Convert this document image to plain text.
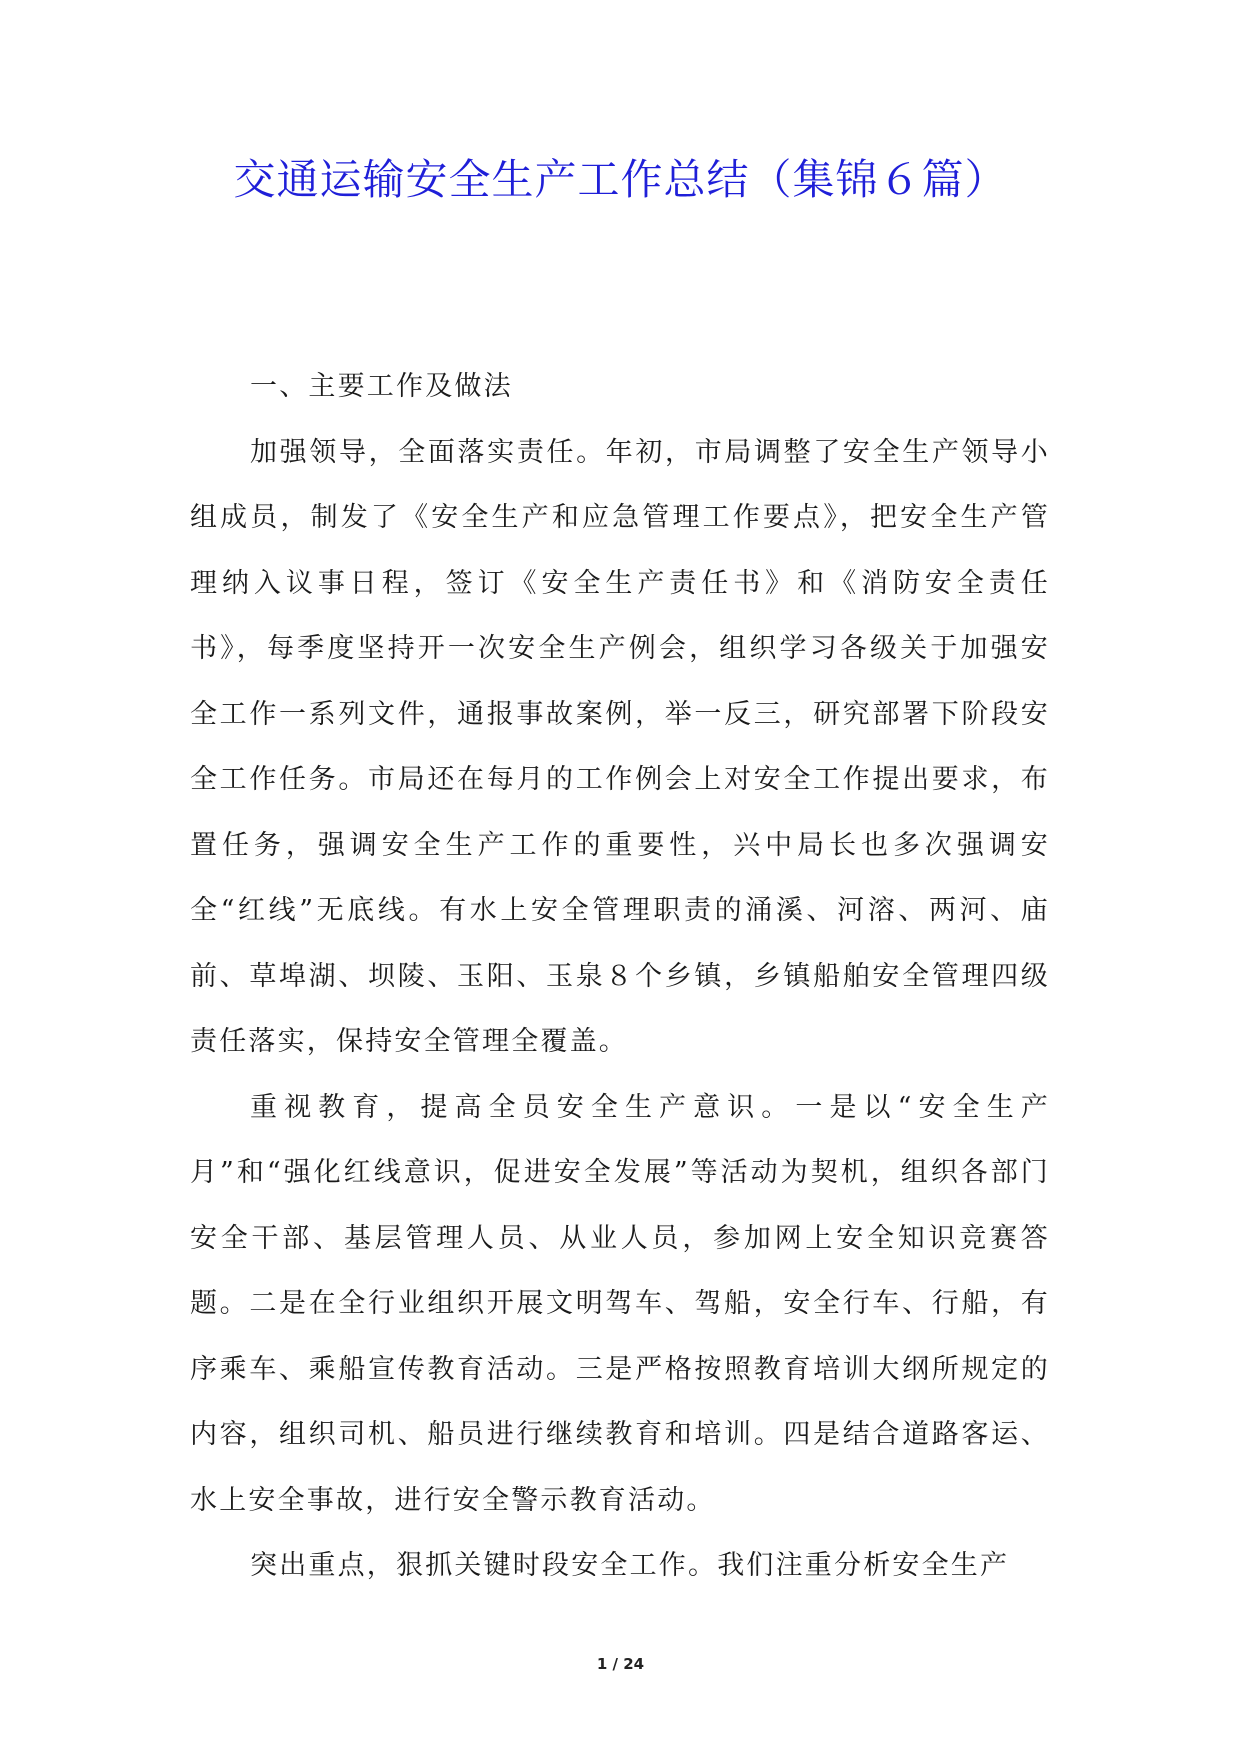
交通运输安全生产工作总结（集锦６篇）

一、主要工作及做法

加强领导，全面落实责任。年初，市局调整了安全生产领导小组成员，制发了《安全生产和应急管理工作要点》，把安全生产管理纳入议事日程，签订《安全生产责任书》和《消防安全责任书》，每季度坚持开一次安全生产例会，组织学习各级关于加强安全工作一系列文件，通报事故案例，举一反三，研究部署下阶段安全工作任务。市局还在每月的工作例会上对安全工作提出要求，布置任务，强调安全生产工作的重要性，兴中局长也多次强调安全“红线”无底线。有水上安全管理职责的涌溪、河溶、两河、庙前、草埠湖、坝陵、玉阳、玉泉８个乡镇，乡镇船舶安全管理四级责任落实，保持安全管理全覆盖。

重视教育，提高全员安全生产意识。一是以“安全生产月”和“强化红线意识，促进安全发展”等活动为契机，组织各部门安全干部、基层管理人员、从业人员，参加网上安全知识竞赛答题。二是在全行业组织开展文明驾车、驾船，安全行车、行船，有序乘车、乘船宣传教育活动。三是严格按照教育培训大纲所规定的内容，组织司机、船员进行继续教育和培训。四是结合道路客运、水上安全事故，进行安全警示教育活动。

突出重点，狠抓关键时段安全工作。我们注重分析安全生产

1 / 24
